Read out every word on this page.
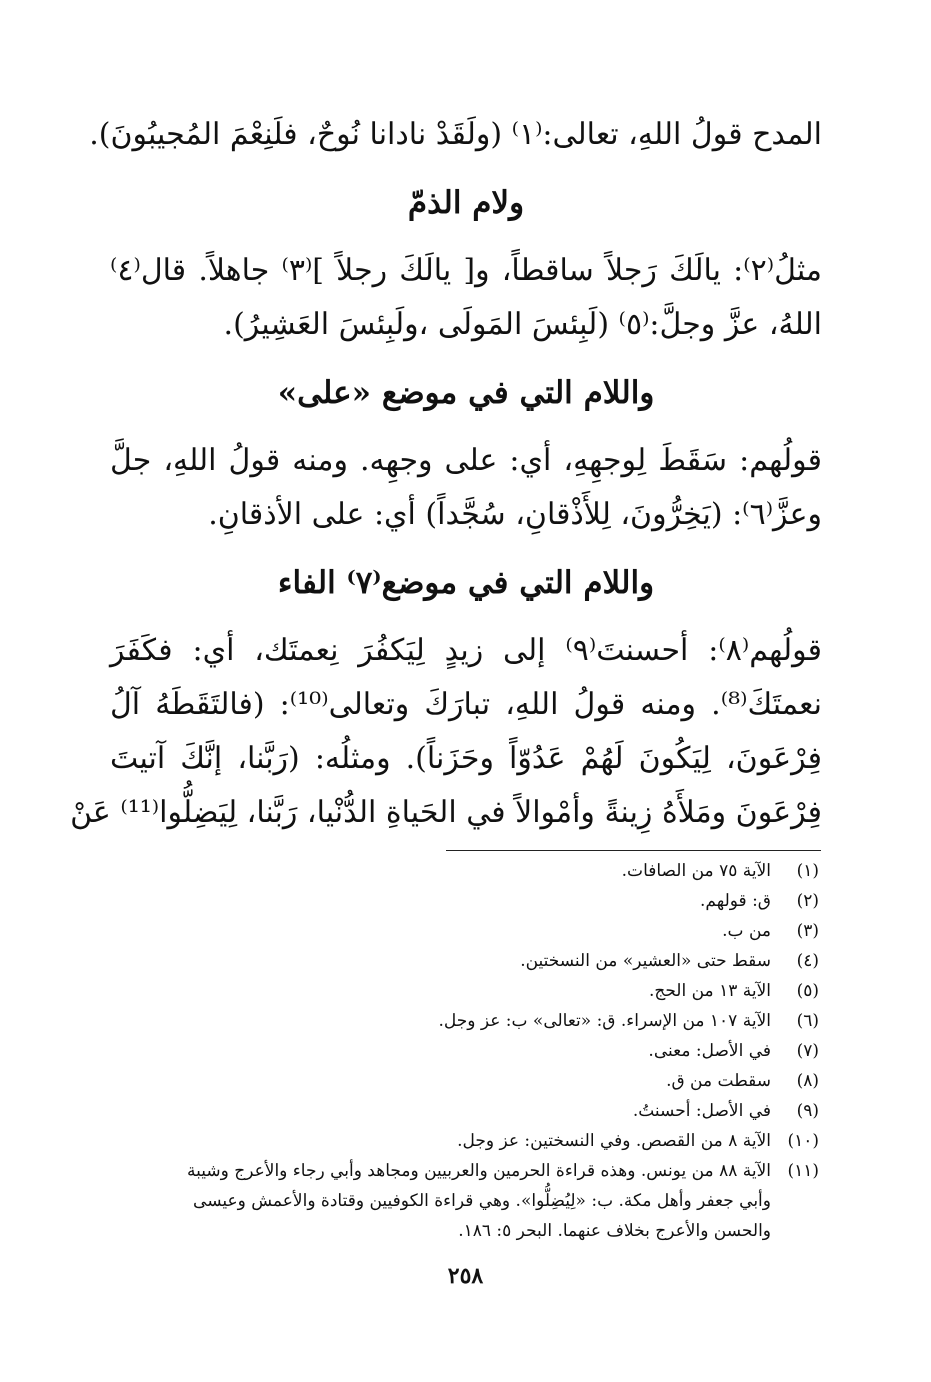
المدح قولُ اللهِ، تعالى:⁽١⁾ (ولَقَدْ نادانا نُوحٌ، فلَنِعْمَ المُجيبُونَ).
ولام الذمّ
مثلُ⁽٢⁾: يالَكَ رَجلاً ساقطاً، و[ يالَكَ رجلاً ]⁽٣⁾ جاهلاً. قال⁽٤⁾
اللهُ، عزَّ وجلَّ:⁽٥⁾ (لَبِئسَ المَولَى ،ولَبِئسَ العَشِيرُ).
واللام التي في موضع «على»
قولُهم: سَقَطَ لِوجهِهِ، أي: على وجهِه. ومنه قولُ اللهِ، جلَّ
وعزَّ⁽٦⁾: (يَخِرُّونَ، لِلأَذْقانِ، سُجَّداً) أي: على الأذقانِ.
واللام التي في موضع⁽٧⁾ الفاء
قولُهم⁽٨⁾: أحسنتَ⁽٩⁾ إلى زيدٍ لِيَكفُرَ نِعمتَك، أي: فكَفَرَ
نعمتَكَ⁽⁸⁾. ومنه قولُ اللهِ، تبارَكَ وتعالى⁽¹⁰⁾: (فالتَقَطَهُ آلُ
فِرْعَونَ، لِيَكُونَ لَهُمْ عَدُوّاً وحَزَناً). ومثلُه: (رَبَّنا، إنَّكَ آتيتَ
فِرْعَونَ ومَلأَهُ زِينةً وأمْوالاً في الحَياةِ الدُّنْيا، رَبَّنا، لِيَضِلُّوا⁽¹¹⁾ عَنْ
(١)
الآية ٧٥ من الصافات.
(٢)
ق: قولهم.
(٣)
من ب.
(٤)
سقط حتى «العشير» من النسختين.
(٥)
الآية ١٣ من الحج.
(٦)
الآية ١٠٧ من الإسراء. ق: «تعالى» ب: عز وجل.
(٧)
في الأصل: معنى.
(٨)
سقطت من ق.
(٩)
في الأصل: أحسنتُ.
(١٠)
الآية ٨ من القصص. وفي النسختين: عز وجل.
(١١)
الآية ٨٨ من يونس. وهذه قراءة الحرمين والعربيين ومجاهد وأبي رجاء والأعرج وشيبة
وأبي جعفر وأهل مكة. ب: «لِيُضِلُّوا». وهي قراءة الكوفيين وقتادة والأعمش وعيسى
والحسن والأعرج بخلاف عنهما. البحر ٥: ١٨٦.
٢٥٨
